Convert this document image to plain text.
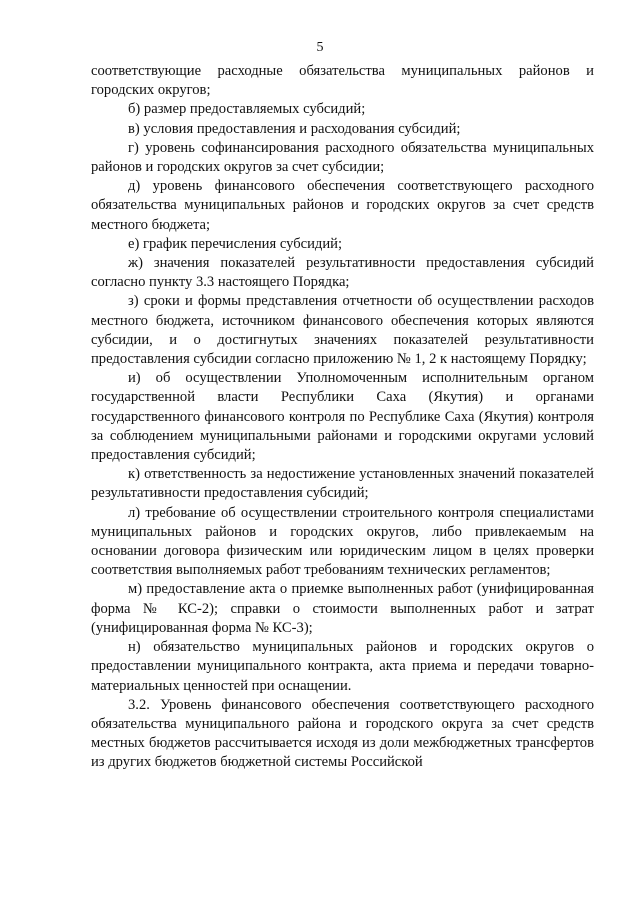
5

соответствующие расходные обязательства муниципальных районов и городских округов;

б) размер предоставляемых субсидий;

в) условия предоставления и расходования субсидий;

г) уровень софинансирования расходного обязательства муниципальных районов и городских округов за счет субсидии;

д) уровень финансового обеспечения соответствующего расходного обязательства муниципальных районов и городских округов за счет средств местного бюджета;

е) график перечисления субсидий;

ж) значения показателей результативности предоставления субсидий согласно пункту 3.3 настоящего Порядка;

з) сроки и формы представления отчетности об осуществлении расходов местного бюджета, источником финансового обеспечения которых являются субсидии, и о достигнутых значениях показателей результативности предоставления субсидии согласно приложению № 1, 2 к настоящему Порядку;

и) об осуществлении Уполномоченным исполнительным органом государственной власти Республики Саха (Якутия) и органами государственного финансового контроля по Республике Саха (Якутия) контроля за соблюдением муниципальными районами и городскими округами условий предоставления субсидий;

к) ответственность за недостижение установленных значений показателей результативности предоставления субсидий;

л) требование об осуществлении строительного контроля специалистами муниципальных районов и городских округов, либо привлекаемым на основании договора физическим или юридическим лицом в целях проверки соответствия выполняемых работ требованиям технических регламентов;

м) предоставление акта о приемке выполненных работ (унифицированная форма № КС-2); справки о стоимости выполненных работ и затрат (унифицированная форма № КС-3);

н) обязательство муниципальных районов и городских округов о предоставлении муниципального контракта, акта приема и передачи товарно-материальных ценностей при оснащении.

3.2. Уровень финансового обеспечения соответствующего расходного обязательства муниципального района и городского округа за счет средств местных бюджетов рассчитывается исходя из доли межбюджетных трансфертов из других бюджетов бюджетной системы Российской
